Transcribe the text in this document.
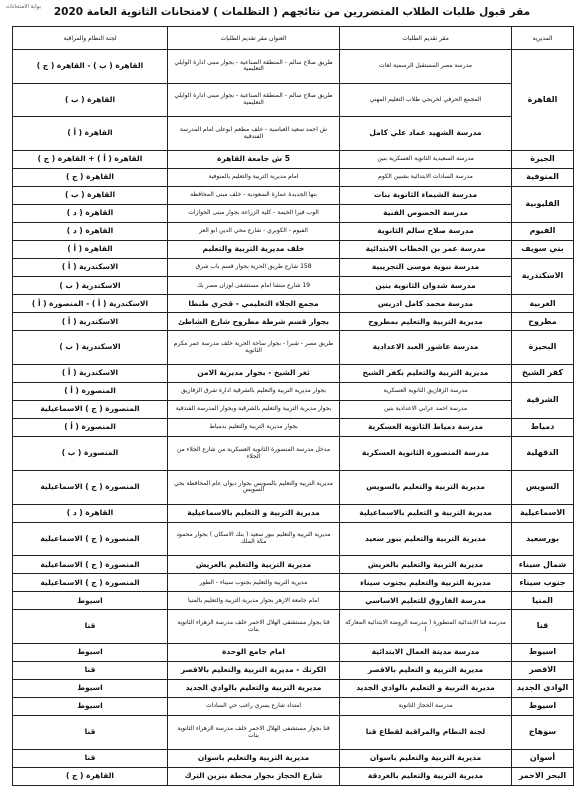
بوابة الامتحانات	مقر قبول طلبات الطلاب المتضررين من نتائجهم ( التظلمات ) لامتحانات الثانوية العامة 2020
المديرية	مقر تقديم الطلبات	العنوان مقر تقديم الطلبات	لجنة النظام والمراقبة
القاهرة	مدرسة مصر المستقبل الرسمية لغات	طريق صلاح سالم - المنطقة الصناعية - بجوار مبنى ادارة الوايلي التعليمية	القاهرة ( ب ) - القاهرة ( ج )
	المجمع الحرفي لخريجي طلاب التعليم المهني	طريق صلاح سالم - المنطقة الصناعية - بجوار مبنى ادارة الوايلي التعليمية	القاهرة ( ب )
	مدرسة الشهيد عماد علي كامل	ش احمد سعيد العباسية - خلف مطعم ابوعلى امام المدرسة الفندقية	القاهرة ( أ )
الجيزة	مدرسة السعيدية الثانوية العسكرية بنين	5 ش جامعة القاهرة	القاهرة ( أ ) + القاهرة ( ج )
المنوفية	مدرسة السادات الابتدائية بشبين الكوم	امام مديرية التربية والتعليم بالمنوفية	القاهرة ( ج )
القليوبية	مدرسة الشيماء الثانوية بنات	بنها الجديدة عمارة السعودية - خلف مبنى المحافظة	القاهرة ( ب )
	مدرسة الخصوص الفنية	الوب فيرا الخيمة - كلية الزراعة بجوار مبنى الجوازات	القاهرة ( د )
الفيوم	مدرسة صلاح سالم الثانوية	الفيوم - الكوبري - شارع محي الدين ابو العز	القاهرة ( د )
بني سويف	مدرسة عمر بن الخطاب الابتدائية	خلف مديرية التربية والتعليم	القاهرة ( أ )
الاسكندرية	مدرسة نبوية موسى التجريبية	158 شارع طريق الحرية بجوار قسم باب شرق	الاسكندرية ( أ )
	مدرسة شدوان الثانوية بنين	19 شارع منشا امام مستشفى لوزان مصر بك	الاسكندرية ( ب )
الغربية	مدرسة محمد كامل ادريس	مجمع الجلاء التعليمي - قحري طنطا	الاسكندرية ( أ ) - المنصورة ( أ )
مطروح	مديرية التربية والتعليم بمطروح	بجوار قسم شرطة مطروح شارع الشاطئ	الاسكندرية ( أ )
البحيرة	مدرسة عاشور العبد الاعدادية	طريق مصر - شبرا - بجوار ساحة الحرية خلف مدرسة عمر مكرم الثانوية	الاسكندرية ( ب )
كفر الشيخ	مديرية التربية والتعليم بكفر الشيخ	ثغر الشيخ - بجوار مديرية الامن	الاسكندرية ( أ )
الشرقية	مدرسة الزقازيق الثانوية العسكرية	بجوار مديرية التربية والتعليم بالشرقية ادارة شرق الزقازيق	المنصورة ( أ )
	مدرسة احمد عرابي الاعدادية بنين	بجوار مديرية التربية والتعليم بالشرقية وبجوار المدرسة الفندقية	المنصورة ( ج ) الاسماعيلية
دمياط	مدرسة دمياط الثانوية العسكرية	بجوار مديرية التربية والتعليم بدمياط	المنصورة ( أ )
الدقهلية	مدرسة المنصورة الثانوية العسكرية	مدخل مدرسة المنصورة الثانوية العسكرية من شارع الجلاء من الجلاء	المنصورة ( ب )
السويس	مديرية التربية والتعليم بالسويس	مديرية التربية والتعليم بالسويس بجوار ديوان عام المحافظة بحي السويس	المنصورة ( ج ) الاسماعيلية
الاسماعيلية	مديرية التربية و التعليم بالاسماعيلية	مديرية التربية و التعليم بالاسماعيلية	القاهرة ( د )
بورسعيد	مديرية التربية والتعليم ببور سعيد	مديرية التربية والتعليم ببور سعيد ( بنك الاسكان ) بجوار محمود مكة الملك	المنصورة ( ج ) الاسماعيلية
شمال سيناء	مديرية التربية والتعليم بالعريش	مديرية التربية والتعليم بالعريش	المنصورة ( ج ) الاسماعيلية
جنوب سيناء	مديرية التربية والتعليم بجنوب سيناء	مديرية التربية والتعليم بجنوب سيناء - الطور	المنصورة ( ج ) الاسماعيلية
المنيا	مدرسة الفاروق للتعليم الاساسي	امام جامعة الازهر بجوار مديرية التربية والتعليم بالمنيا	اسيوط
قنا	مدرسة قنا الابتدائية المتطورة ( مدرسة الروضة الابتدائية المعاركة )	قنا بجوار مستشفى الهلال الاحمر خلف مدرسة الزهراء الثانوية بنات	قنا
اسيوط	مدرسة مدينة العمال الابتدائية	امام جامع الوحدة	اسيوط
الاقصر	مديرية التربية و التعليم بالاقصر	الكرنك - مديرية التربية والتعليم بالاقصر	قنا
الوادي الجديد	مديرية التربية و التعليم بالوادي الجديد	مديرية التربية والتعليم بالوادي الجديد	اسيوط
اسيوط	مدرسة الحجاز الثانوية	امتداد شارع يسري راغب حي السادات	اسيوط
سوهاج	لجنة النظام والمراقبة لقطاع قنا	قنا بجوار مستشفى الهلال الاحمر خلف مدرسة الزهراء الثانوية بنات	قنا
أسوان	مديرية التربية والتعليم باسوان	مديرية التربية والتعليم باسوان	قنا
البحر الاحمر	مديرية التربية والتعليم بالغردقة	شارع الحجاز بجوار محطة بنزين الترك	القاهرة ( ج )
